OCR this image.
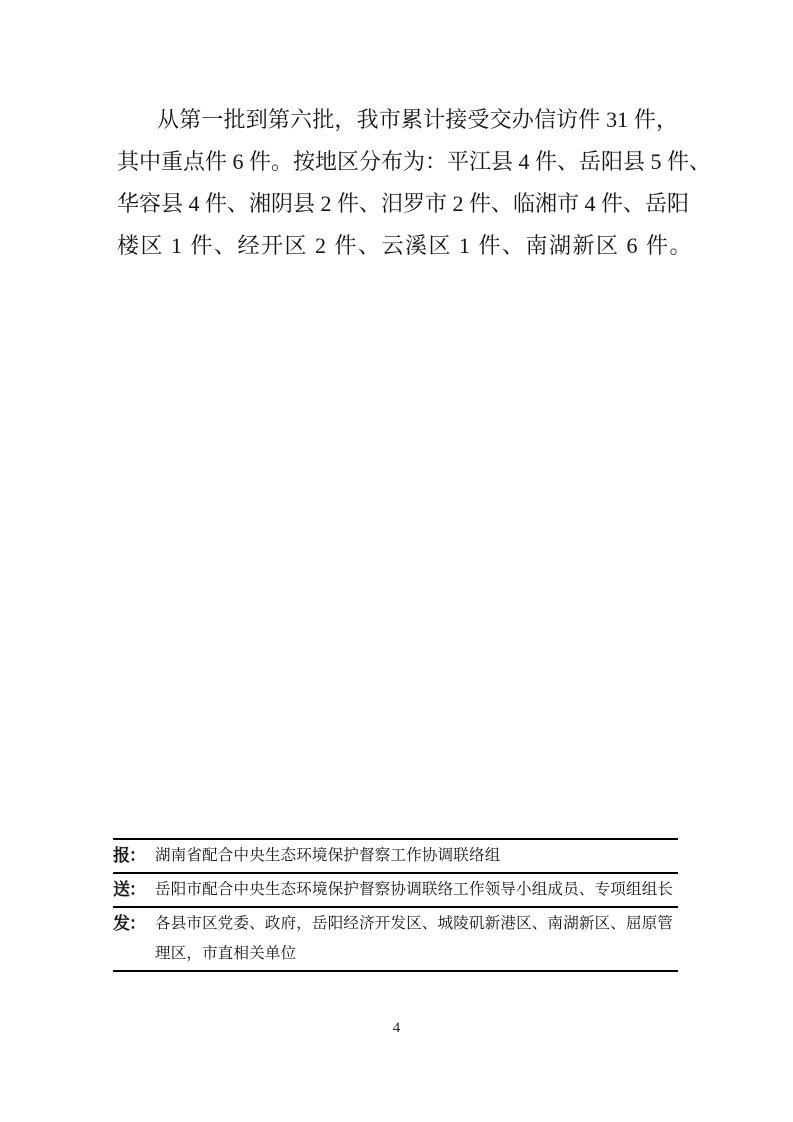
从第一批到第六批，我市累计接受交办信访件 31 件，
其中重点件 6 件。按地区分布为：平江县 4 件、岳阳县 5 件、
华容县 4 件、湘阴县 2 件、汨罗市 2 件、临湘市 4 件、岳阳
楼区 1 件、经开区 2 件、云溪区 1 件、南湖新区 6 件。
报： 湖南省配合中央生态环境保护督察工作协调联络组
送： 岳阳市配合中央生态环境保护督察协调联络工作领导小组成员、专项组组长
发： 各县市区党委、政府，岳阳经济开发区、城陵矶新港区、南湖新区、屈原管理区，市直相关单位
4
